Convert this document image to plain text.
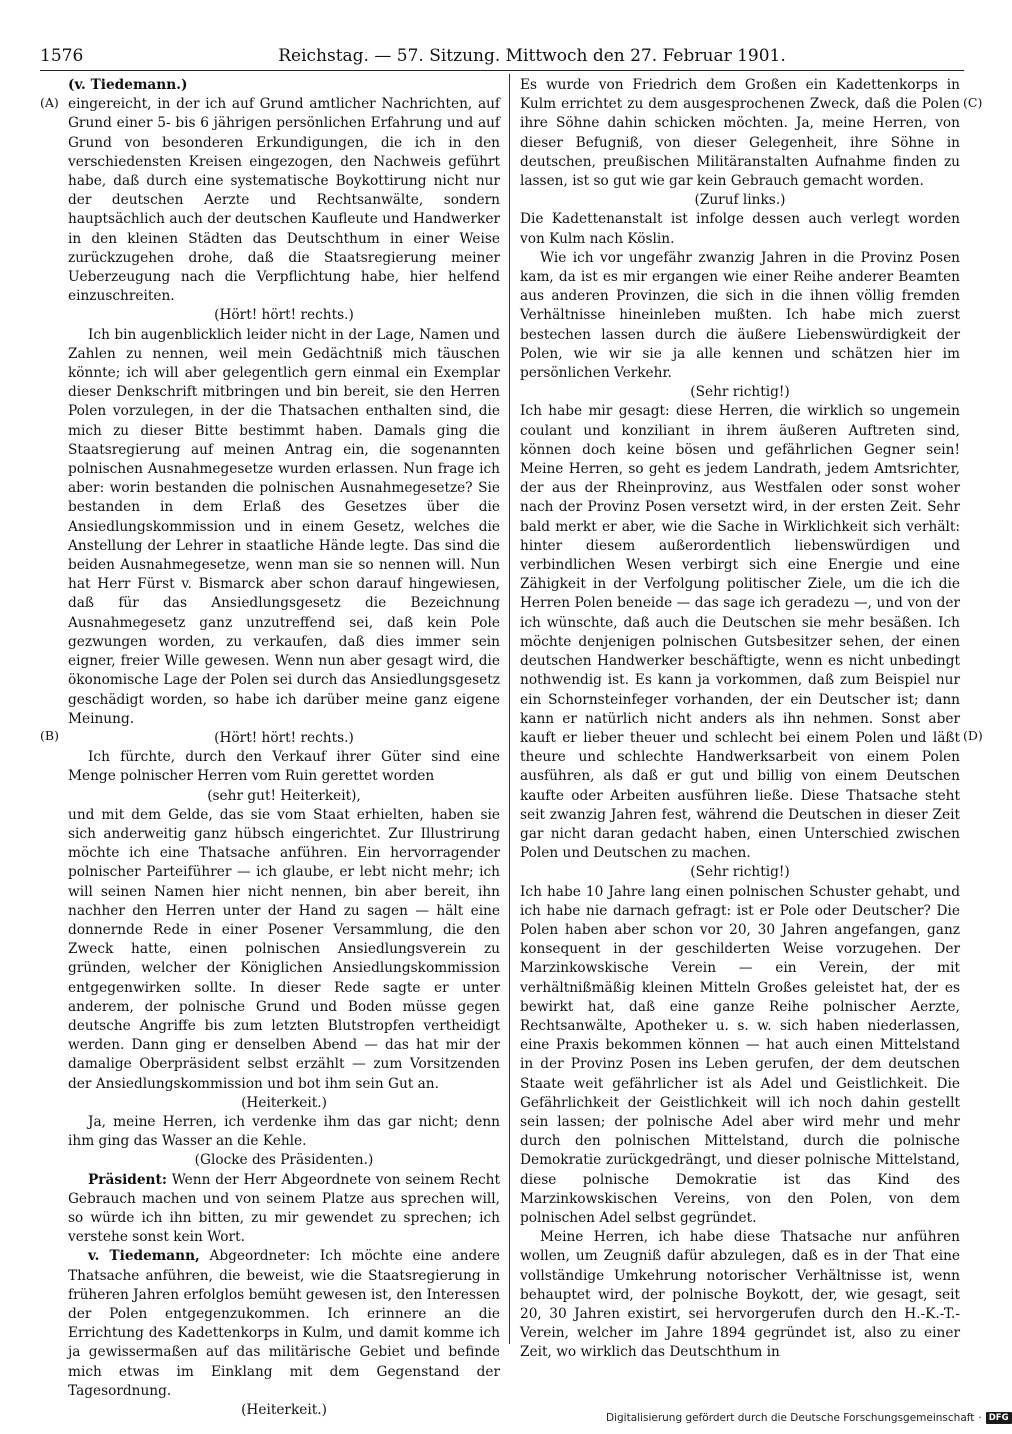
1576	Reichstag. — 57. Sitzung. Mittwoch den 27. Februar 1901.
(A)
(B)
(C)
(D)

(v. Tiedemann.)

eingereicht, in der ich auf Grund amtlicher Nachrichten, auf Grund einer 5- bis 6 jährigen persönlichen Erfahrung und auf Grund von besonderen Erkundigungen, die ich in den verschiedensten Kreisen eingezogen, den Nachweis geführt habe, daß durch eine systematische Boykottirung nicht nur der deutschen Aerzte und Rechtsanwälte, sondern hauptsächlich auch der deutschen Kaufleute und Handwerker in den kleinen Städten das Deutschthum in einer Weise zurückzugehen drohe, daß die Staatsregierung meiner Ueberzeugung nach die Verpflichtung habe, hier helfend einzuschreiten.

(Hört! hört! rechts.)

Ich bin augenblicklich leider nicht in der Lage, Namen und Zahlen zu nennen, weil mein Gedächtniß mich täuschen könnte; ich will aber gelegentlich gern einmal ein Exemplar dieser Denkschrift mitbringen und bin bereit, sie den Herren Polen vorzulegen, in der die Thatsachen enthalten sind, die mich zu dieser Bitte bestimmt haben. Damals ging die Staatsregierung auf meinen Antrag ein, die sogenannten polnischen Ausnahmegesetze wurden erlassen. Nun frage ich aber: worin bestanden die polnischen Ausnahmegesetze? Sie bestanden in dem Erlaß des Gesetzes über die Ansiedlungskommission und in einem Gesetz, welches die Anstellung der Lehrer in staatliche Hände legte. Das sind die beiden Ausnahmegesetze, wenn man sie so nennen will. Nun hat Herr Fürst v. Bismarck aber schon darauf hingewiesen, daß für das Ansiedlungsgesetz die Bezeichnung Ausnahmegesetz ganz unzutreffend sei, daß kein Pole gezwungen worden, zu verkaufen, daß dies immer sein eigner, freier Wille gewesen. Wenn nun aber gesagt wird, die ökonomische Lage der Polen sei durch das Ansiedlungsgesetz geschädigt worden, so habe ich darüber meine ganz eigene Meinung.

(Hört! hört! rechts.)

Ich fürchte, durch den Verkauf ihrer Güter sind eine Menge polnischer Herren vom Ruin gerettet worden

(sehr gut! Heiterkeit),

und mit dem Gelde, das sie vom Staat erhielten, haben sie sich anderweitig ganz hübsch eingerichtet. Zur Illustrirung möchte ich eine Thatsache anführen. Ein hervorragender polnischer Parteiführer — ich glaube, er lebt nicht mehr; ich will seinen Namen hier nicht nennen, bin aber bereit, ihn nachher den Herren unter der Hand zu sagen — hält eine donnernde Rede in einer Posener Versammlung, die den Zweck hatte, einen polnischen Ansiedlungsverein zu gründen, welcher der Königlichen Ansiedlungskommission entgegenwirken sollte. In dieser Rede sagte er unter anderem, der polnische Grund und Boden müsse gegen deutsche Angriffe bis zum letzten Blutstropfen vertheidigt werden. Dann ging er denselben Abend — das hat mir der damalige Oberpräsident selbst erzählt — zum Vorsitzenden der Ansiedlungskommission und bot ihm sein Gut an.

(Heiterkeit.)

Ja, meine Herren, ich verdenke ihm das gar nicht; denn ihm ging das Wasser an die Kehle.

(Glocke des Präsidenten.)

Präsident: Wenn der Herr Abgeordnete von seinem Recht Gebrauch machen und von seinem Platze aus sprechen will, so würde ich ihn bitten, zu mir gewendet zu sprechen; ich verstehe sonst kein Wort.

v. Tiedemann, Abgeordneter: Ich möchte eine andere Thatsache anführen, die beweist, wie die Staatsregierung in früheren Jahren erfolglos bemüht gewesen ist, den Interessen der Polen entgegenzukommen. Ich erinnere an die Errichtung des Kadettenkorps in Kulm, und damit komme ich ja gewissermaßen auf das militärische Gebiet und befinde mich etwas im Einklang mit dem Gegenstand der Tagesordnung.

(Heiterkeit.)

Es wurde von Friedrich dem Großen ein Kadettenkorps in Kulm errichtet zu dem ausgesprochenen Zweck, daß die Polen ihre Söhne dahin schicken möchten. Ja, meine Herren, von dieser Befugniß, von dieser Gelegenheit, ihre Söhne in deutschen, preußischen Militäranstalten Aufnahme finden zu lassen, ist so gut wie gar kein Gebrauch gemacht worden.

(Zuruf links.)

Die Kadettenanstalt ist infolge dessen auch verlegt worden von Kulm nach Köslin.

Wie ich vor ungefähr zwanzig Jahren in die Provinz Posen kam, da ist es mir ergangen wie einer Reihe anderer Beamten aus anderen Provinzen, die sich in die ihnen völlig fremden Verhältnisse hineinleben mußten. Ich habe mich zuerst bestechen lassen durch die äußere Liebenswürdigkeit der Polen, wie wir sie ja alle kennen und schätzen hier im persönlichen Verkehr.

(Sehr richtig!)

Ich habe mir gesagt: diese Herren, die wirklich so ungemein coulant und konziliant in ihrem äußeren Auftreten sind, können doch keine bösen und gefährlichen Gegner sein! Meine Herren, so geht es jedem Landrath, jedem Amtsrichter, der aus der Rheinprovinz, aus Westfalen oder sonst woher nach der Provinz Posen versetzt wird, in der ersten Zeit. Sehr bald merkt er aber, wie die Sache in Wirklichkeit sich verhält: hinter diesem außerordentlich liebenswürdigen und verbindlichen Wesen verbirgt sich eine Energie und eine Zähigkeit in der Verfolgung politischer Ziele, um die ich die Herren Polen beneide — das sage ich geradezu —, und von der ich wünschte, daß auch die Deutschen sie mehr besäßen. Ich möchte denjenigen polnischen Gutsbesitzer sehen, der einen deutschen Handwerker beschäftigte, wenn es nicht unbedingt nothwendig ist. Es kann ja vorkommen, daß zum Beispiel nur ein Schornsteinfeger vorhanden, der ein Deutscher ist; dann kann er natürlich nicht anders als ihn nehmen. Sonst aber kauft er lieber theuer und schlecht bei einem Polen und läßt theure und schlechte Handwerksarbeit von einem Polen ausführen, als daß er gut und billig von einem Deutschen kaufte oder Arbeiten ausführen ließe. Diese Thatsache steht seit zwanzig Jahren fest, während die Deutschen in dieser Zeit gar nicht daran gedacht haben, einen Unterschied zwischen Polen und Deutschen zu machen.

(Sehr richtig!)

Ich habe 10 Jahre lang einen polnischen Schuster gehabt, und ich habe nie darnach gefragt: ist er Pole oder Deutscher? Die Polen haben aber schon vor 20, 30 Jahren angefangen, ganz konsequent in der geschilderten Weise vorzugehen. Der Marzinkowskische Verein — ein Verein, der mit verhältnißmäßig kleinen Mitteln Großes geleistet hat, der es bewirkt hat, daß eine ganze Reihe polnischer Aerzte, Rechtsanwälte, Apotheker u. s. w. sich haben niederlassen, eine Praxis bekommen können — hat auch einen Mittelstand in der Provinz Posen ins Leben gerufen, der dem deutschen Staate weit gefährlicher ist als Adel und Geistlichkeit. Die Gefährlichkeit der Geistlichkeit will ich noch dahin gestellt sein lassen; der polnische Adel aber wird mehr und mehr durch den polnischen Mittelstand, durch die polnische Demokratie zurückgedrängt, und dieser polnische Mittelstand, diese polnische Demokratie ist das Kind des Marzinkowskischen Vereins, von den Polen, von dem polnischen Adel selbst gegründet.

Meine Herren, ich habe diese Thatsache nur anführen wollen, um Zeugniß dafür abzulegen, daß es in der That eine vollständige Umkehrung notorischer Verhältnisse ist, wenn behauptet wird, der polnische Boykott, der, wie gesagt, seit 20, 30 Jahren existirt, sei hervorgerufen durch den H.-K.-T.-Verein, welcher im Jahre 1894 gegründet ist, also zu einer Zeit, wo wirklich das Deutschthum in

Digitalisierung gefördert durch die Deutsche Forschungsgemeinschaft · DFG
